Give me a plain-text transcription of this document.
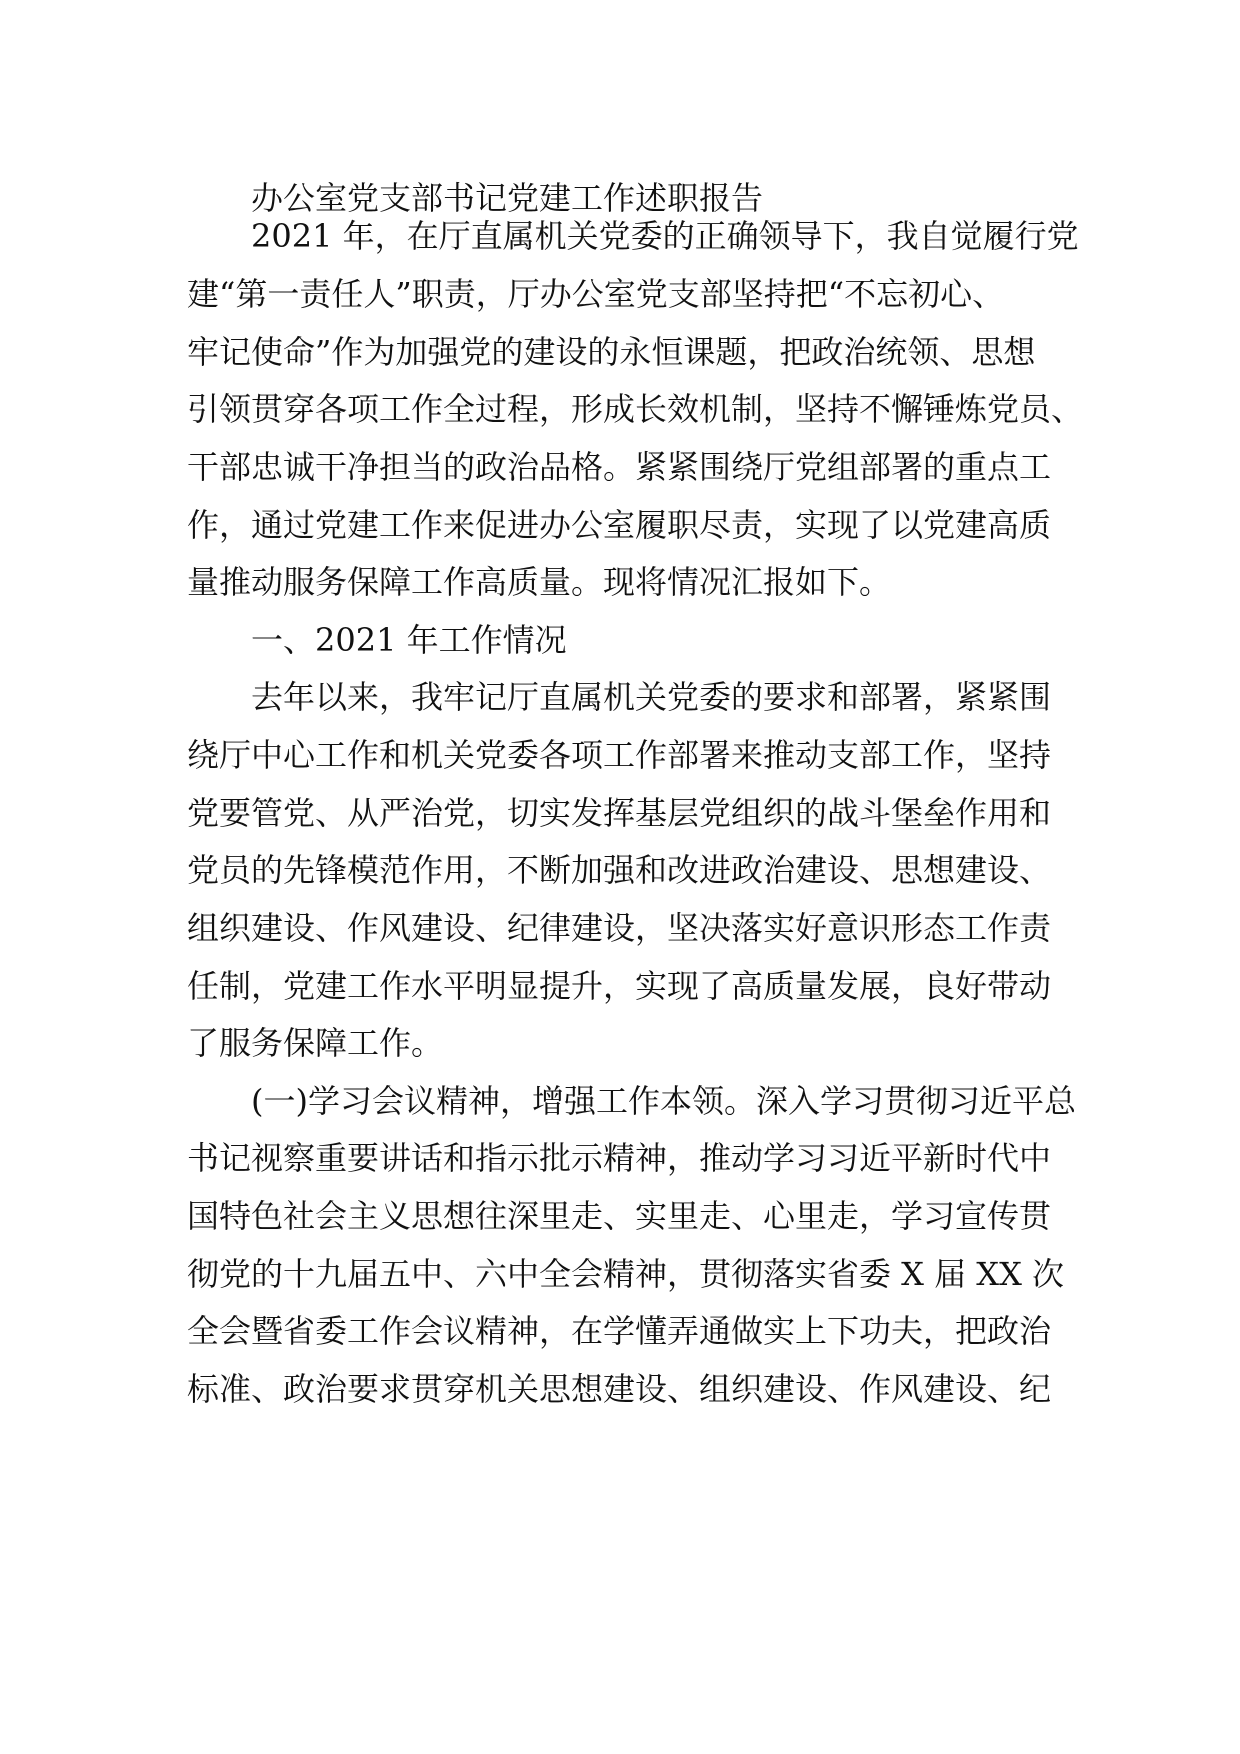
办公室党支部书记党建工作述职报告
2021 年，在厅直属机关党委的正确领导下，我自觉履行党
建“第一责任人”职责，厅办公室党支部坚持把“不忘初心、
牢记使命”作为加强党的建设的永恒课题，把政治统领、思想
引领贯穿各项工作全过程，形成长效机制，坚持不懈锤炼党员、
干部忠诚干净担当的政治品格。紧紧围绕厅党组部署的重点工
作，通过党建工作来促进办公室履职尽责，实现了以党建高质
量推动服务保障工作高质量。现将情况汇报如下。
一、2021 年工作情况
去年以来，我牢记厅直属机关党委的要求和部署，紧紧围
绕厅中心工作和机关党委各项工作部署来推动支部工作，坚持
党要管党、从严治党，切实发挥基层党组织的战斗堡垒作用和
党员的先锋模范作用，不断加强和改进政治建设、思想建设、
组织建设、作风建设、纪律建设，坚决落实好意识形态工作责
任制，党建工作水平明显提升，实现了高质量发展，良好带动
了服务保障工作。
(一)学习会议精神，增强工作本领。深入学习贯彻习近平总
书记视察重要讲话和指示批示精神，推动学习习近平新时代中
国特色社会主义思想往深里走、实里走、心里走，学习宣传贯
彻党的十九届五中、六中全会精神，贯彻落实省委 X 届 XX 次
全会暨省委工作会议精神，在学懂弄通做实上下功夫，把政治
标准、政治要求贯穿机关思想建设、组织建设、作风建设、纪
